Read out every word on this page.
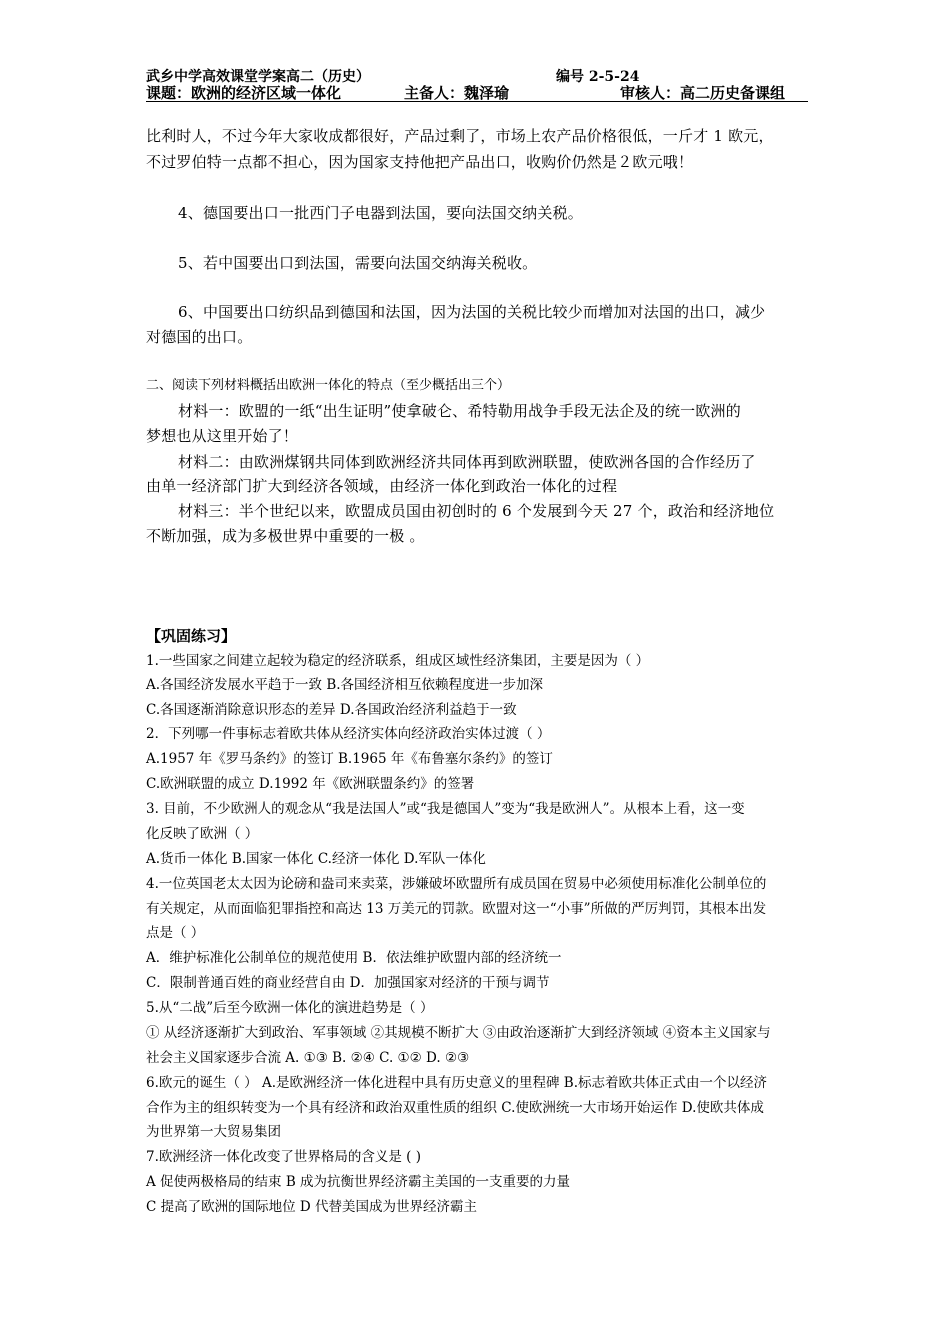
武乡中学高效课堂学案高二（历史）	编号 2-5-24
课题：欧洲的经济区域一体化	主备人：魏泽瑜	审核人：高二历史备课组
比利时人，不过今年大家收成都很好，产品过剩了，市场上农产品价格很低，一斤才 1 欧元，
不过罗伯特一点都不担心，因为国家支持他把产品出口，收购价仍然是２欧元哦！
4、德国要出口一批西门子电器到法国，要向法国交纳关税。
5、若中国要出口到法国，需要向法国交纳海关税收。
6、中国要出口纺织品到德国和法国，因为法国的关税比较少而增加对法国的出口，减少
对德国的出口。
二、阅读下列材料概括出欧洲一体化的特点（至少概括出三个）
材料一：欧盟的一纸“出生证明”使拿破仑、希特勒用战争手段无法企及的统一欧洲的
梦想也从这里开始了！
材料二：由欧洲煤钢共同体到欧洲经济共同体再到欧洲联盟，使欧洲各国的合作经历了
由单一经济部门扩大到经济各领域，由经济一体化到政治一体化的过程
材料三：半个世纪以来，欧盟成员国由初创时的 6 个发展到今天 27 个，政治和经济地位
不断加强，成为多极世界中重要的一极 。
【巩固练习】
1.一些国家之间建立起较为稳定的经济联系，组成区域性经济集团，主要是因为（ ）
A.各国经济发展水平趋于一致 B.各国经济相互依赖程度进一步加深
C.各国逐渐消除意识形态的差异 D.各国政治经济利益趋于一致
2．下列哪一件事标志着欧共体从经济实体向经济政治实体过渡（ ）
A.1957 年《罗马条约》的签订 B.1965 年《布鲁塞尔条约》的签订
C.欧洲联盟的成立 D.1992 年《欧洲联盟条约》的签署
3. 目前，不少欧洲人的观念从“我是法国人”或“我是德国人”变为“我是欧洲人”。从根本上看，这一变
化反映了欧洲（ ）
A.货币一体化 B.国家一体化 C.经济一体化 D.军队一体化
4.一位英国老太太因为论磅和盎司来卖菜，涉嫌破坏欧盟所有成员国在贸易中必须使用标准化公制单位的
有关规定，从而面临犯罪指控和高达 13 万美元的罚款。欧盟对这一“小事”所做的严厉判罚，其根本出发
点是（ ）
A．维护标准化公制单位的规范使用 B．依法维护欧盟内部的经济统一
C．限制普通百姓的商业经营自由 D．加强国家对经济的干预与调节
5.从“二战”后至今欧洲一体化的演进趋势是（ ）
① 从经济逐渐扩大到政治、军事领域 ②其规模不断扩大 ③由政治逐渐扩大到经济领域 ④资本主义国家与
社会主义国家逐步合流 A. ①③ B. ②④ C. ①② D. ②③
6.欧元的诞生（ ） A.是欧洲经济一体化进程中具有历史意义的里程碑 B.标志着欧共体正式由一个以经济
合作为主的组织转变为一个具有经济和政治双重性质的组织 C.使欧洲统一大市场开始运作 D.使欧共体成
为世界第一大贸易集团
7.欧洲经济一体化改变了世界格局的含义是 ( )
A 促使两极格局的结束 B 成为抗衡世界经济霸主美国的一支重要的力量
C 提高了欧洲的国际地位 D 代替美国成为世界经济霸主
